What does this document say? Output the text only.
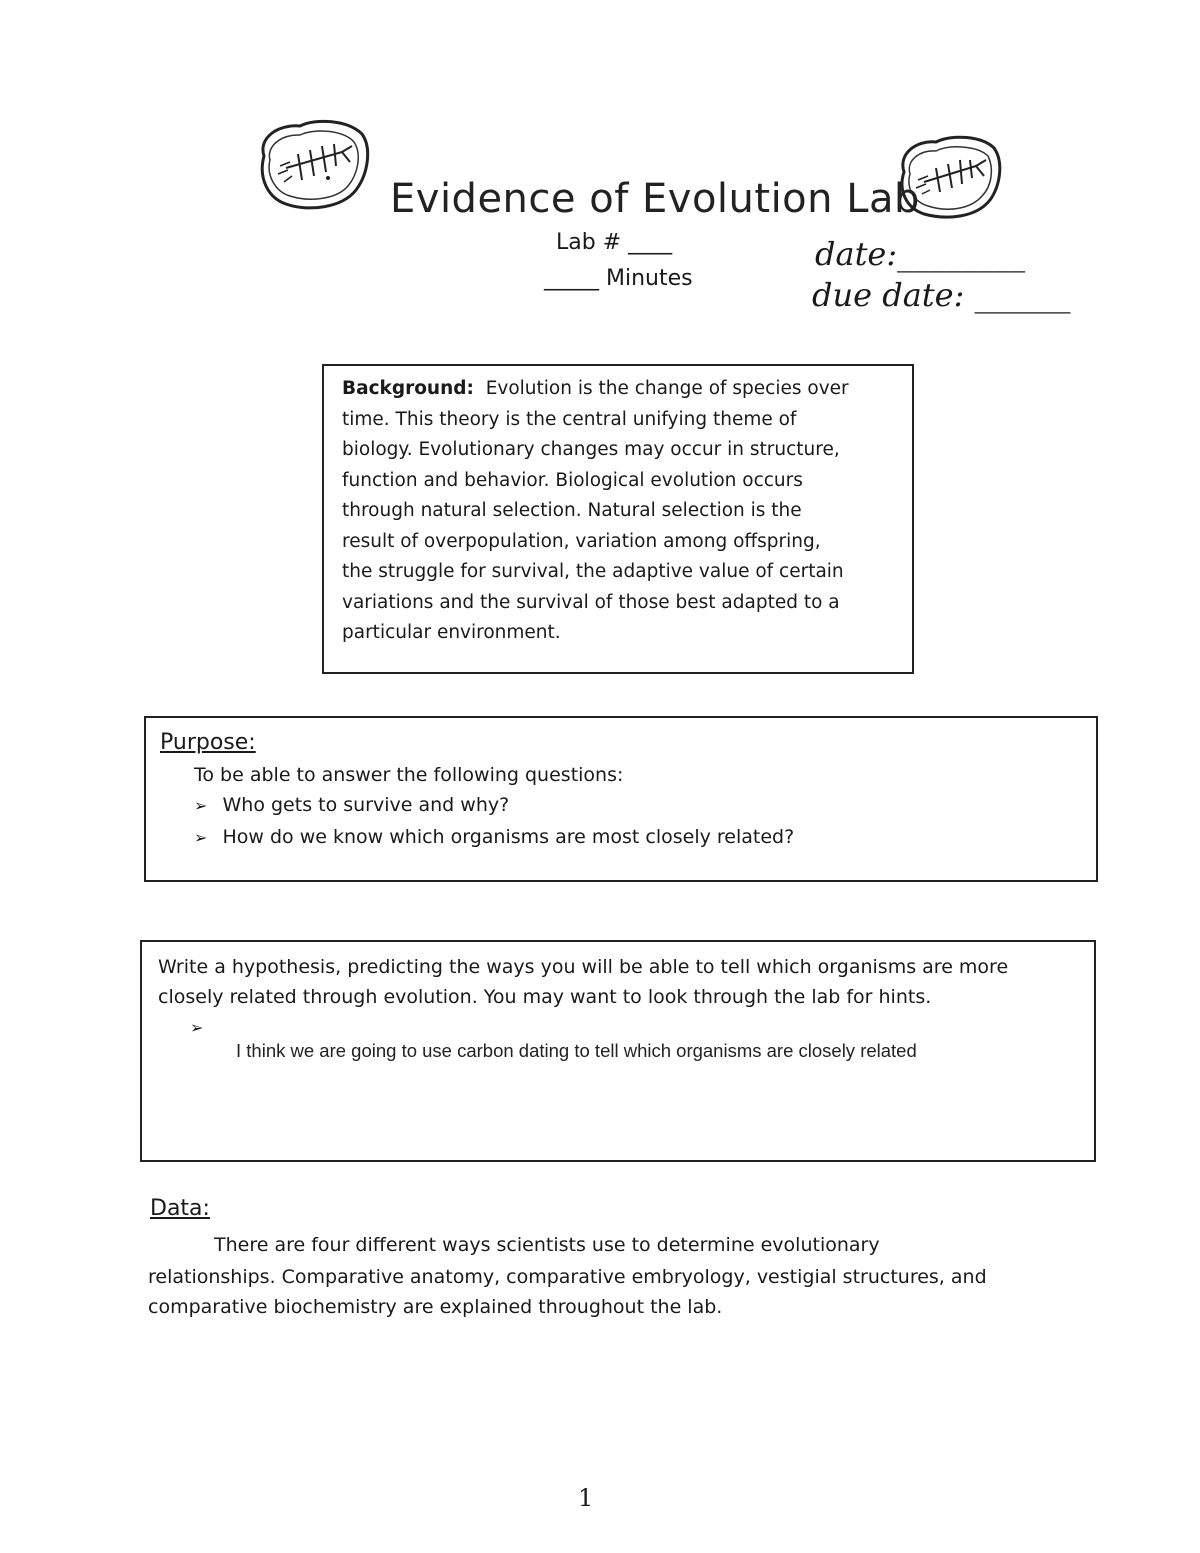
Evidence of Evolution Lab
Lab # ____
_____ Minutes
date:________
due date: ______
Background: Evolution is the change of species over
time. This theory is the central unifying theme of
biology. Evolutionary changes may occur in structure,
function and behavior. Biological evolution occurs
through natural selection. Natural selection is the
result of overpopulation, variation among offspring,
the struggle for survival, the adaptive value of certain
variations and the survival of those best adapted to a
particular environment.
Purpose:
To be able to answer the following questions:
➢ Who gets to survive and why?
➢ How do we know which organisms are most closely related?
Write a hypothesis, predicting the ways you will be able to tell which organisms are more
closely related through evolution. You may want to look through the lab for hints.
➢
I think we are going to use carbon dating to tell which organisms are closely related
Data:
There are four different ways scientists use to determine evolutionary
relationships. Comparative anatomy, comparative embryology, vestigial structures, and
comparative biochemistry are explained throughout the lab.
1
